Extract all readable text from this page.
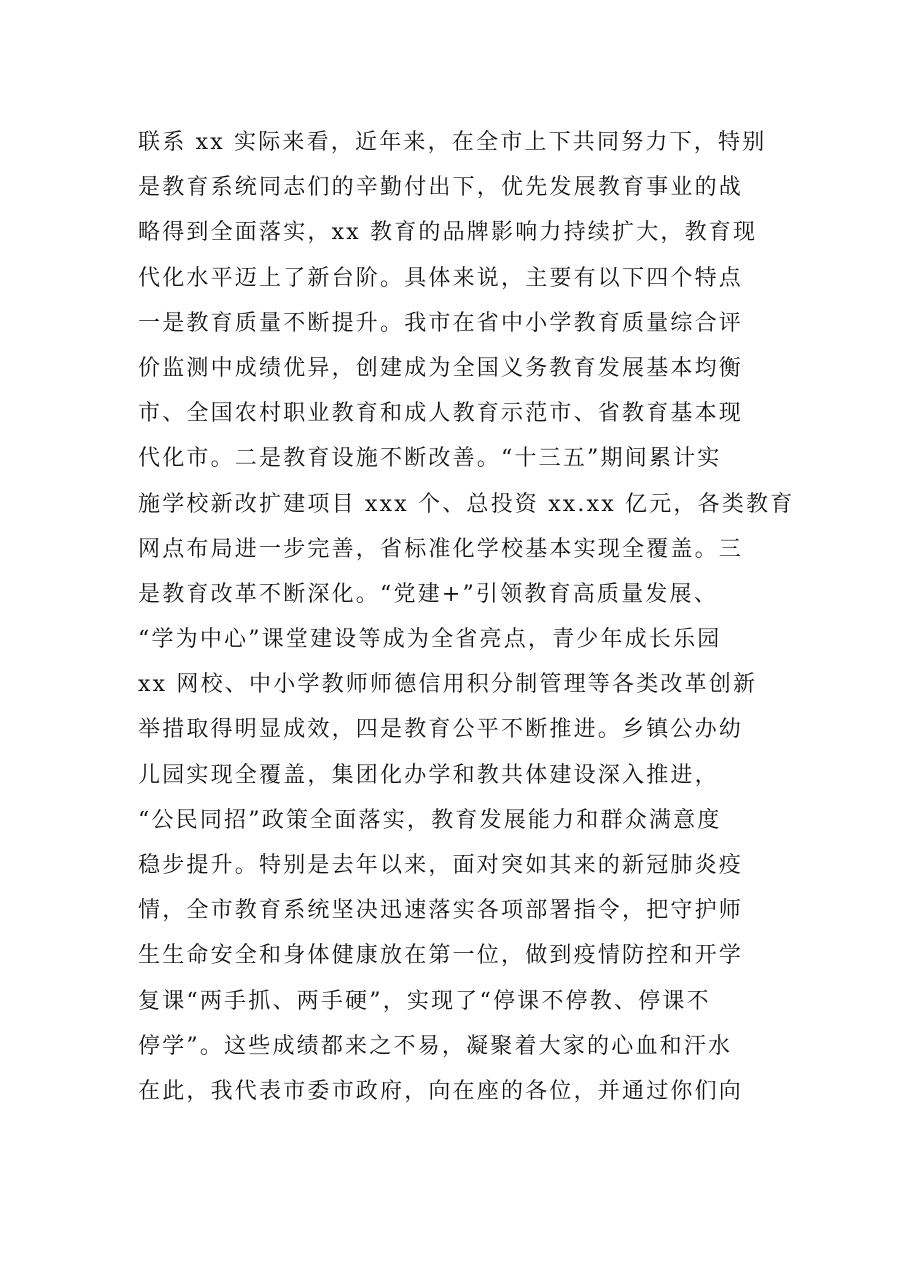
联系 xx 实际来看，近年来，在全市上下共同努力下，特别
是教育系统同志们的辛勤付出下，优先发展教育事业的战
略得到全面落实，xx 教育的品牌影响力持续扩大，教育现
代化水平迈上了新台阶。具体来说，主要有以下四个特点
一是教育质量不断提升。我市在省中小学教育质量综合评
价监测中成绩优异，创建成为全国义务教育发展基本均衡
市、全国农村职业教育和成人教育示范市、省教育基本现
代化市。二是教育设施不断改善。“十三五”期间累计实
施学校新改扩建项目 xxx 个、总投资 xx.xx 亿元，各类教育
网点布局进一步完善，省标准化学校基本实现全覆盖。三
是教育改革不断深化。“党建+”引领教育高质量发展、
“学为中心”课堂建设等成为全省亮点，青少年成长乐园
xx 网校、中小学教师师德信用积分制管理等各类改革创新
举措取得明显成效，四是教育公平不断推进。乡镇公办幼
儿园实现全覆盖，集团化办学和教共体建设深入推进，
“公民同招”政策全面落实，教育发展能力和群众满意度
稳步提升。特别是去年以来，面对突如其来的新冠肺炎疫
情，全市教育系统坚决迅速落实各项部署指令，把守护师
生生命安全和身体健康放在第一位，做到疫情防控和开学
复课“两手抓、两手硬”，实现了“停课不停教、停课不
停学”。这些成绩都来之不易，凝聚着大家的心血和汗水
在此，我代表市委市政府，向在座的各位，并通过你们向
